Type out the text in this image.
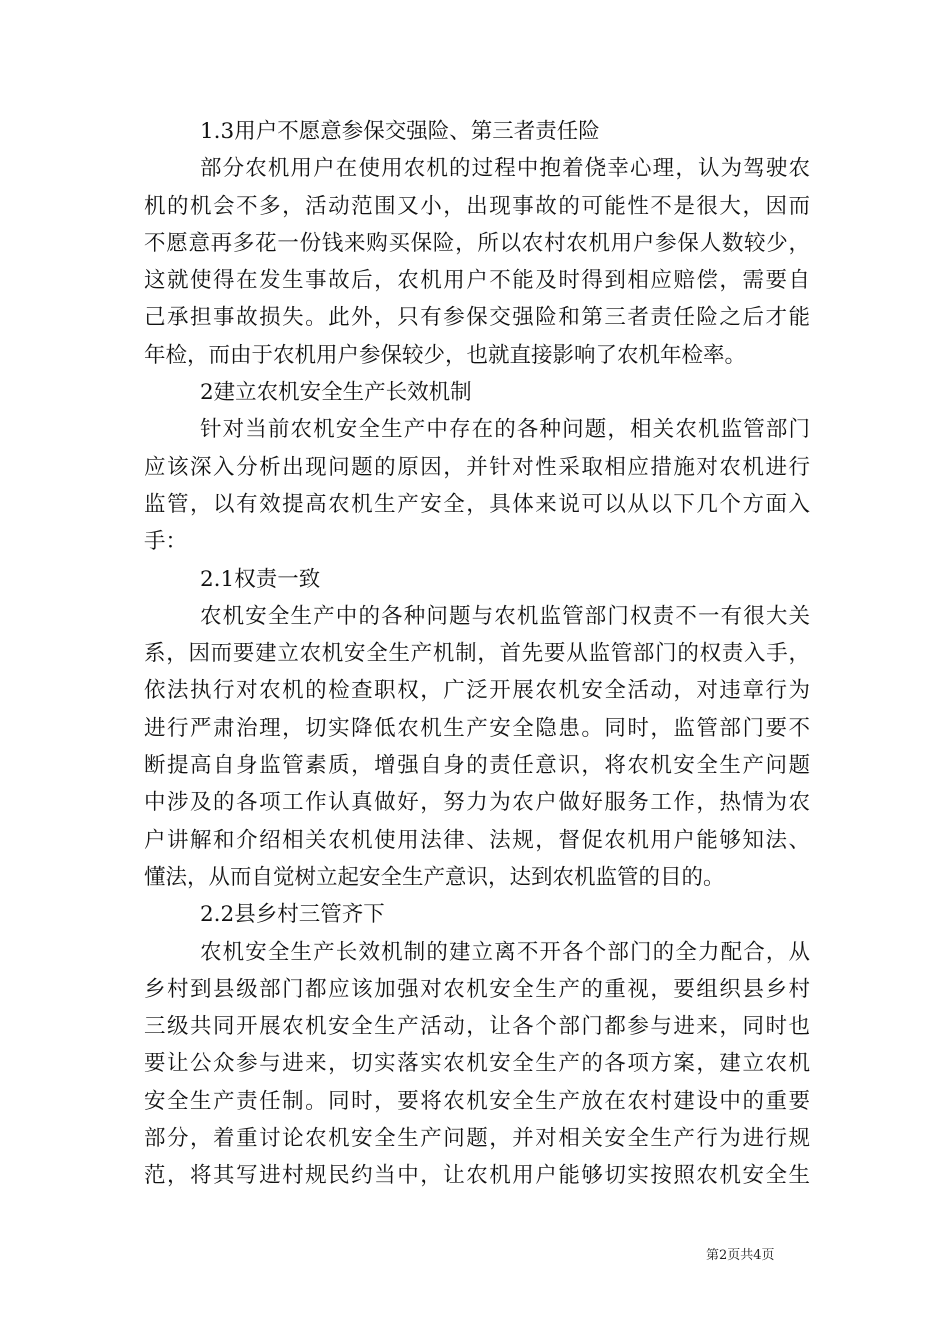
1.3用户不愿意参保交强险、第三者责任险
部分农机用户在使用农机的过程中抱着侥幸心理，认为驾驶农
机的机会不多，活动范围又小，出现事故的可能性不是很大，因而
不愿意再多花一份钱来购买保险，所以农村农机用户参保人数较少，
这就使得在发生事故后，农机用户不能及时得到相应赔偿，需要自
己承担事故损失。此外，只有参保交强险和第三者责任险之后才能
年检，而由于农机用户参保较少，也就直接影响了农机年检率。
2建立农机安全生产长效机制
针对当前农机安全生产中存在的各种问题，相关农机监管部门
应该深入分析出现问题的原因，并针对性采取相应措施对农机进行
监管，以有效提高农机生产安全，具体来说可以从以下几个方面入
手：
2.1权责一致
农机安全生产中的各种问题与农机监管部门权责不一有很大关
系，因而要建立农机安全生产机制，首先要从监管部门的权责入手，
依法执行对农机的检查职权，广泛开展农机安全活动，对违章行为
进行严肃治理，切实降低农机生产安全隐患。同时，监管部门要不
断提高自身监管素质，增强自身的责任意识，将农机安全生产问题
中涉及的各项工作认真做好，努力为农户做好服务工作，热情为农
户讲解和介绍相关农机使用法律、法规，督促农机用户能够知法、
懂法，从而自觉树立起安全生产意识，达到农机监管的目的。
2.2县乡村三管齐下
农机安全生产长效机制的建立离不开各个部门的全力配合，从
乡村到县级部门都应该加强对农机安全生产的重视，要组织县乡村
三级共同开展农机安全生产活动，让各个部门都参与进来，同时也
要让公众参与进来，切实落实农机安全生产的各项方案，建立农机
安全生产责任制。同时，要将农机安全生产放在农村建设中的重要
部分，着重讨论农机安全生产问题，并对相关安全生产行为进行规
范，将其写进村规民约当中，让农机用户能够切实按照农机安全生
第2页共4页
